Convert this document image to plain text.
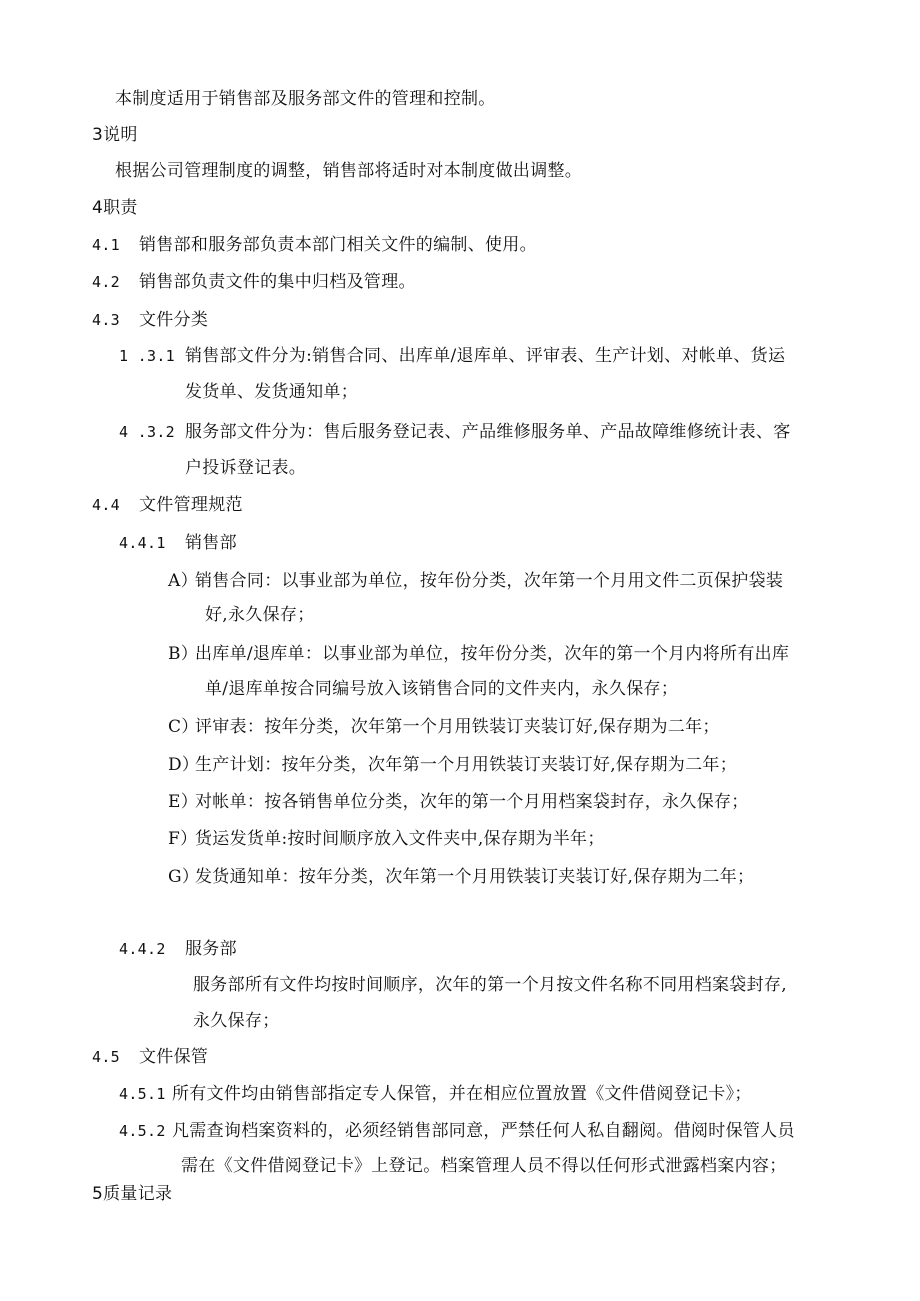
本制度适用于销售部及服务部文件的管理和控制。
3说明
根据公司管理制度的调整，销售部将适时对本制度做出调整。
4职责
4.1 销售部和服务部负责本部门相关文件的编制、使用。
4.2 销售部负责文件的集中归档及管理。
4.3 文件分类
1 .3.1 销售部文件分为:销售合同、出库单/退库单、评审表、生产计划、对帐单、货运
发货单、发货通知单；
4 .3.2 服务部文件分为：售后服务登记表、产品维修服务单、产品故障维修统计表、客
户投诉登记表。
4.4 文件管理规范
4.4.1 销售部
A）
销售合同：以事业部为单位，按年份分类，次年第一个月用文件二页保护袋装
好,永久保存；
B）
出库单/退库单：以事业部为单位，按年份分类，次年的第一个月内将所有出库
单/退库单按合同编号放入该销售合同的文件夹内，永久保存；
C）
评审表：按年分类，次年第一个月用铁装订夹装订好,保存期为二年；
D）
生产计划：按年分类，次年第一个月用铁装订夹装订好,保存期为二年；
E）
对帐单：按各销售单位分类，次年的第一个月用档案袋封存，永久保存；
F）
货运发货单:按时间顺序放入文件夹中,保存期为半年；
G）
发货通知单：按年分类，次年第一个月用铁装订夹装订好,保存期为二年；
4.4.2 服务部
服务部所有文件均按时间顺序，次年的第一个月按文件名称不同用档案袋封存,
永久保存；
4.5 文件保管
4.5.1 所有文件均由销售部指定专人保管，并在相应位置放置《文件借阅登记卡》；
4.5.2 凡需查询档案资料的，必须经销售部同意，严禁任何人私自翻阅。借阅时保管人员
需在《文件借阅登记卡》上登记。档案管理人员不得以任何形式泄露档案内容；
5质量记录
